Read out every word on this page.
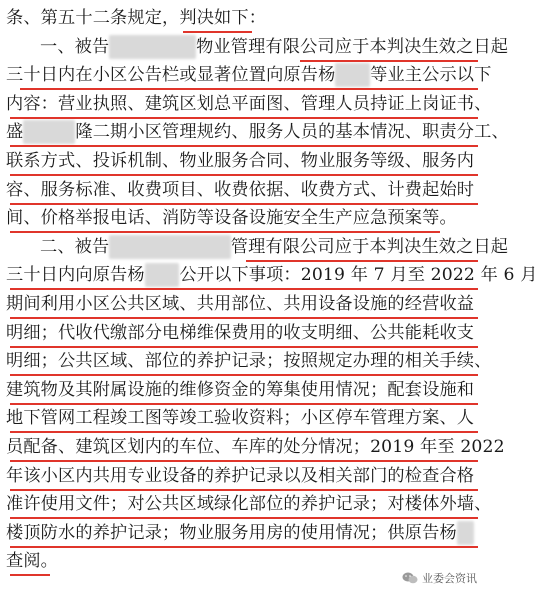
条、第五十二条规定，判决如下：
一、被告	物业管理有限公司应于本判决生效之日起
三十日内在小区公告栏或显著位置向原告杨 等业主公示以下
内容：营业执照、建筑区划总平面图、管理人员持证上岗证书、
盛	隆二期小区管理规约、服务人员的基本情况、职责分工、
联系方式、投诉机制、物业服务合同、物业服务等级、服务内
容、服务标准、收费项目、收费依据、收费方式、计费起始时
间、价格举报电话、消防等设备设施安全生产应急预案等。
二、被告	管理有限公司应于本判决生效之日起
三十日内向原告杨 公开以下事项：2019 年 7 月至 2022 年 6 月
期间利用小区公共区域、共用部位、共用设备设施的经营收益
明细；代收代缴部分电梯维保费用的收支明细、公共能耗收支
明细；公共区域、部位的养护记录；按照规定办理的相关手续、
建筑物及其附属设施的维修资金的筹集使用情况；配套设施和
地下管网工程竣工图等竣工验收资料；小区停车管理方案、人
员配备、建筑区划内的车位、车库的处分情况；2019 年至 2022
年该小区内共用专业设备的养护记录以及相关部门的检查合格
准许使用文件；对公共区域绿化部位的养护记录；对楼体外墙、
楼顶防水的养护记录；物业服务用房的使用情况；供原告杨
查阅。
业委会资讯
